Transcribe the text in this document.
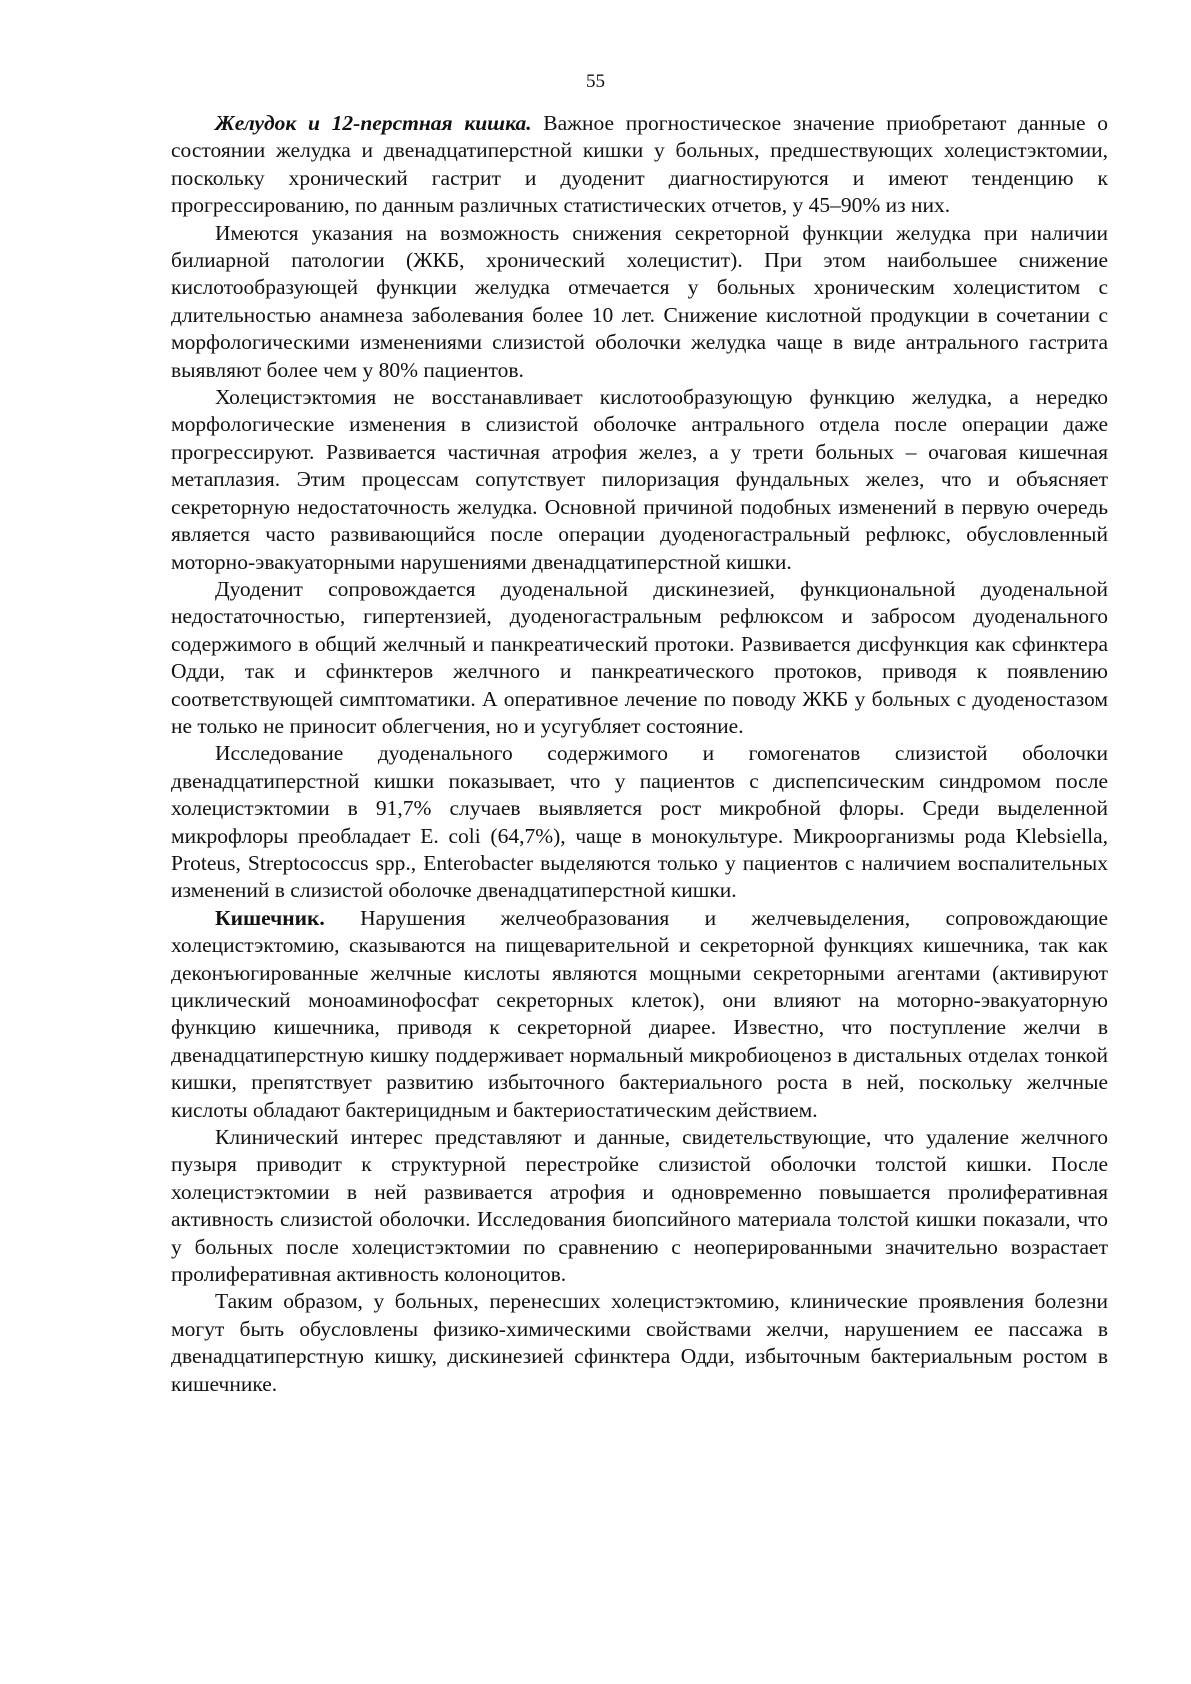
55

Желудок и 12-перстная кишка. Важное прогностическое значение приобретают данные о состоянии желудка и двенадцатиперстной кишки у больных, предшествующих холецистэктомии, поскольку хронический гастрит и дуоденит диагностируются и имеют тенденцию к прогрессированию, по данным различных статистических отчетов, у 45–90% из них.

Имеются указания на возможность снижения секреторной функции желудка при наличии билиарной патологии (ЖКБ, хронический холецистит). При этом наибольшее снижение кислотообразующей функции желудка отмечается у больных хроническим холециститом с длительностью анамнеза заболевания более 10 лет. Снижение кислотной продукции в сочетании с морфологическими изменениями слизистой оболочки желудка чаще в виде антрального гастрита выявляют более чем у 80% пациентов.

Холецистэктомия не восстанавливает кислотообразующую функцию желудка, а нередко морфологические изменения в слизистой оболочке антрального отдела после операции даже прогрессируют. Развивается частичная атрофия желез, а у трети больных – очаговая кишечная метаплазия. Этим процессам сопутствует пилоризация фундальных желез, что и объясняет секреторную недостаточность желудка. Основной причиной подобных изменений в первую очередь является часто развивающийся после операции дуоденогастральный рефлюкс, обусловленный моторно-эвакуаторными нарушениями двенадцатиперстной кишки.

Дуоденит сопровождается дуоденальной дискинезией, функциональной дуоденальной недостаточностью, гипертензией, дуоденогастральным рефлюксом и забросом дуоденального содержимого в общий желчный и панкреатический протоки. Развивается дисфункция как сфинктера Одди, так и сфинктеров желчного и панкреатического протоков, приводя к появлению соответствующей симптоматики. А оперативное лечение по поводу ЖКБ у больных с дуоденостазом не только не приносит облегчения, но и усугубляет состояние.

Исследование дуоденального содержимого и гомогенатов слизистой оболочки двенадцатиперстной кишки показывает, что у пациентов с диспепсическим синдромом после холецистэктомии в 91,7% случаев выявляется рост микробной флоры. Среди выделенной микрофлоры преобладает E. coli (64,7%), чаще в монокультуре. Микроорганизмы рода Klebsiella, Proteus, Streptococcus spp., Enterobacter выделяются только у пациентов с наличием воспалительных изменений в слизистой оболочке двенадцатиперстной кишки.

Кишечник. Нарушения желчеобразования и желчевыделения, сопровождающие холецистэктомию, сказываются на пищеварительной и секреторной функциях кишечника, так как деконъюгированные желчные кислоты являются мощными секреторными агентами (активируют циклический моноаминофосфат секреторных клеток), они влияют на моторно-эвакуаторную функцию кишечника, приводя к секреторной диарее. Известно, что поступление желчи в двенадцатиперстную кишку поддерживает нормальный микробиоценоз в дистальных отделах тонкой кишки, препятствует развитию избыточного бактериального роста в ней, поскольку желчные кислоты обладают бактерицидным и бактериостатическим действием.

Клинический интерес представляют и данные, свидетельствующие, что удаление желчного пузыря приводит к структурной перестройке слизистой оболочки толстой кишки. После холецистэктомии в ней развивается атрофия и одновременно повышается пролиферативная активность слизистой оболочки. Исследования биопсийного материала толстой кишки показали, что у больных после холецистэктомии по сравнению с неоперированными значительно возрастает пролиферативная активность колоноцитов.

Таким образом, у больных, перенесших холецистэктомию, клинические проявления болезни могут быть обусловлены физико-химическими свойствами желчи, нарушением ее пассажа в двенадцатиперстную кишку, дискинезией сфинктера Одди, избыточным бактериальным ростом в кишечнике.
